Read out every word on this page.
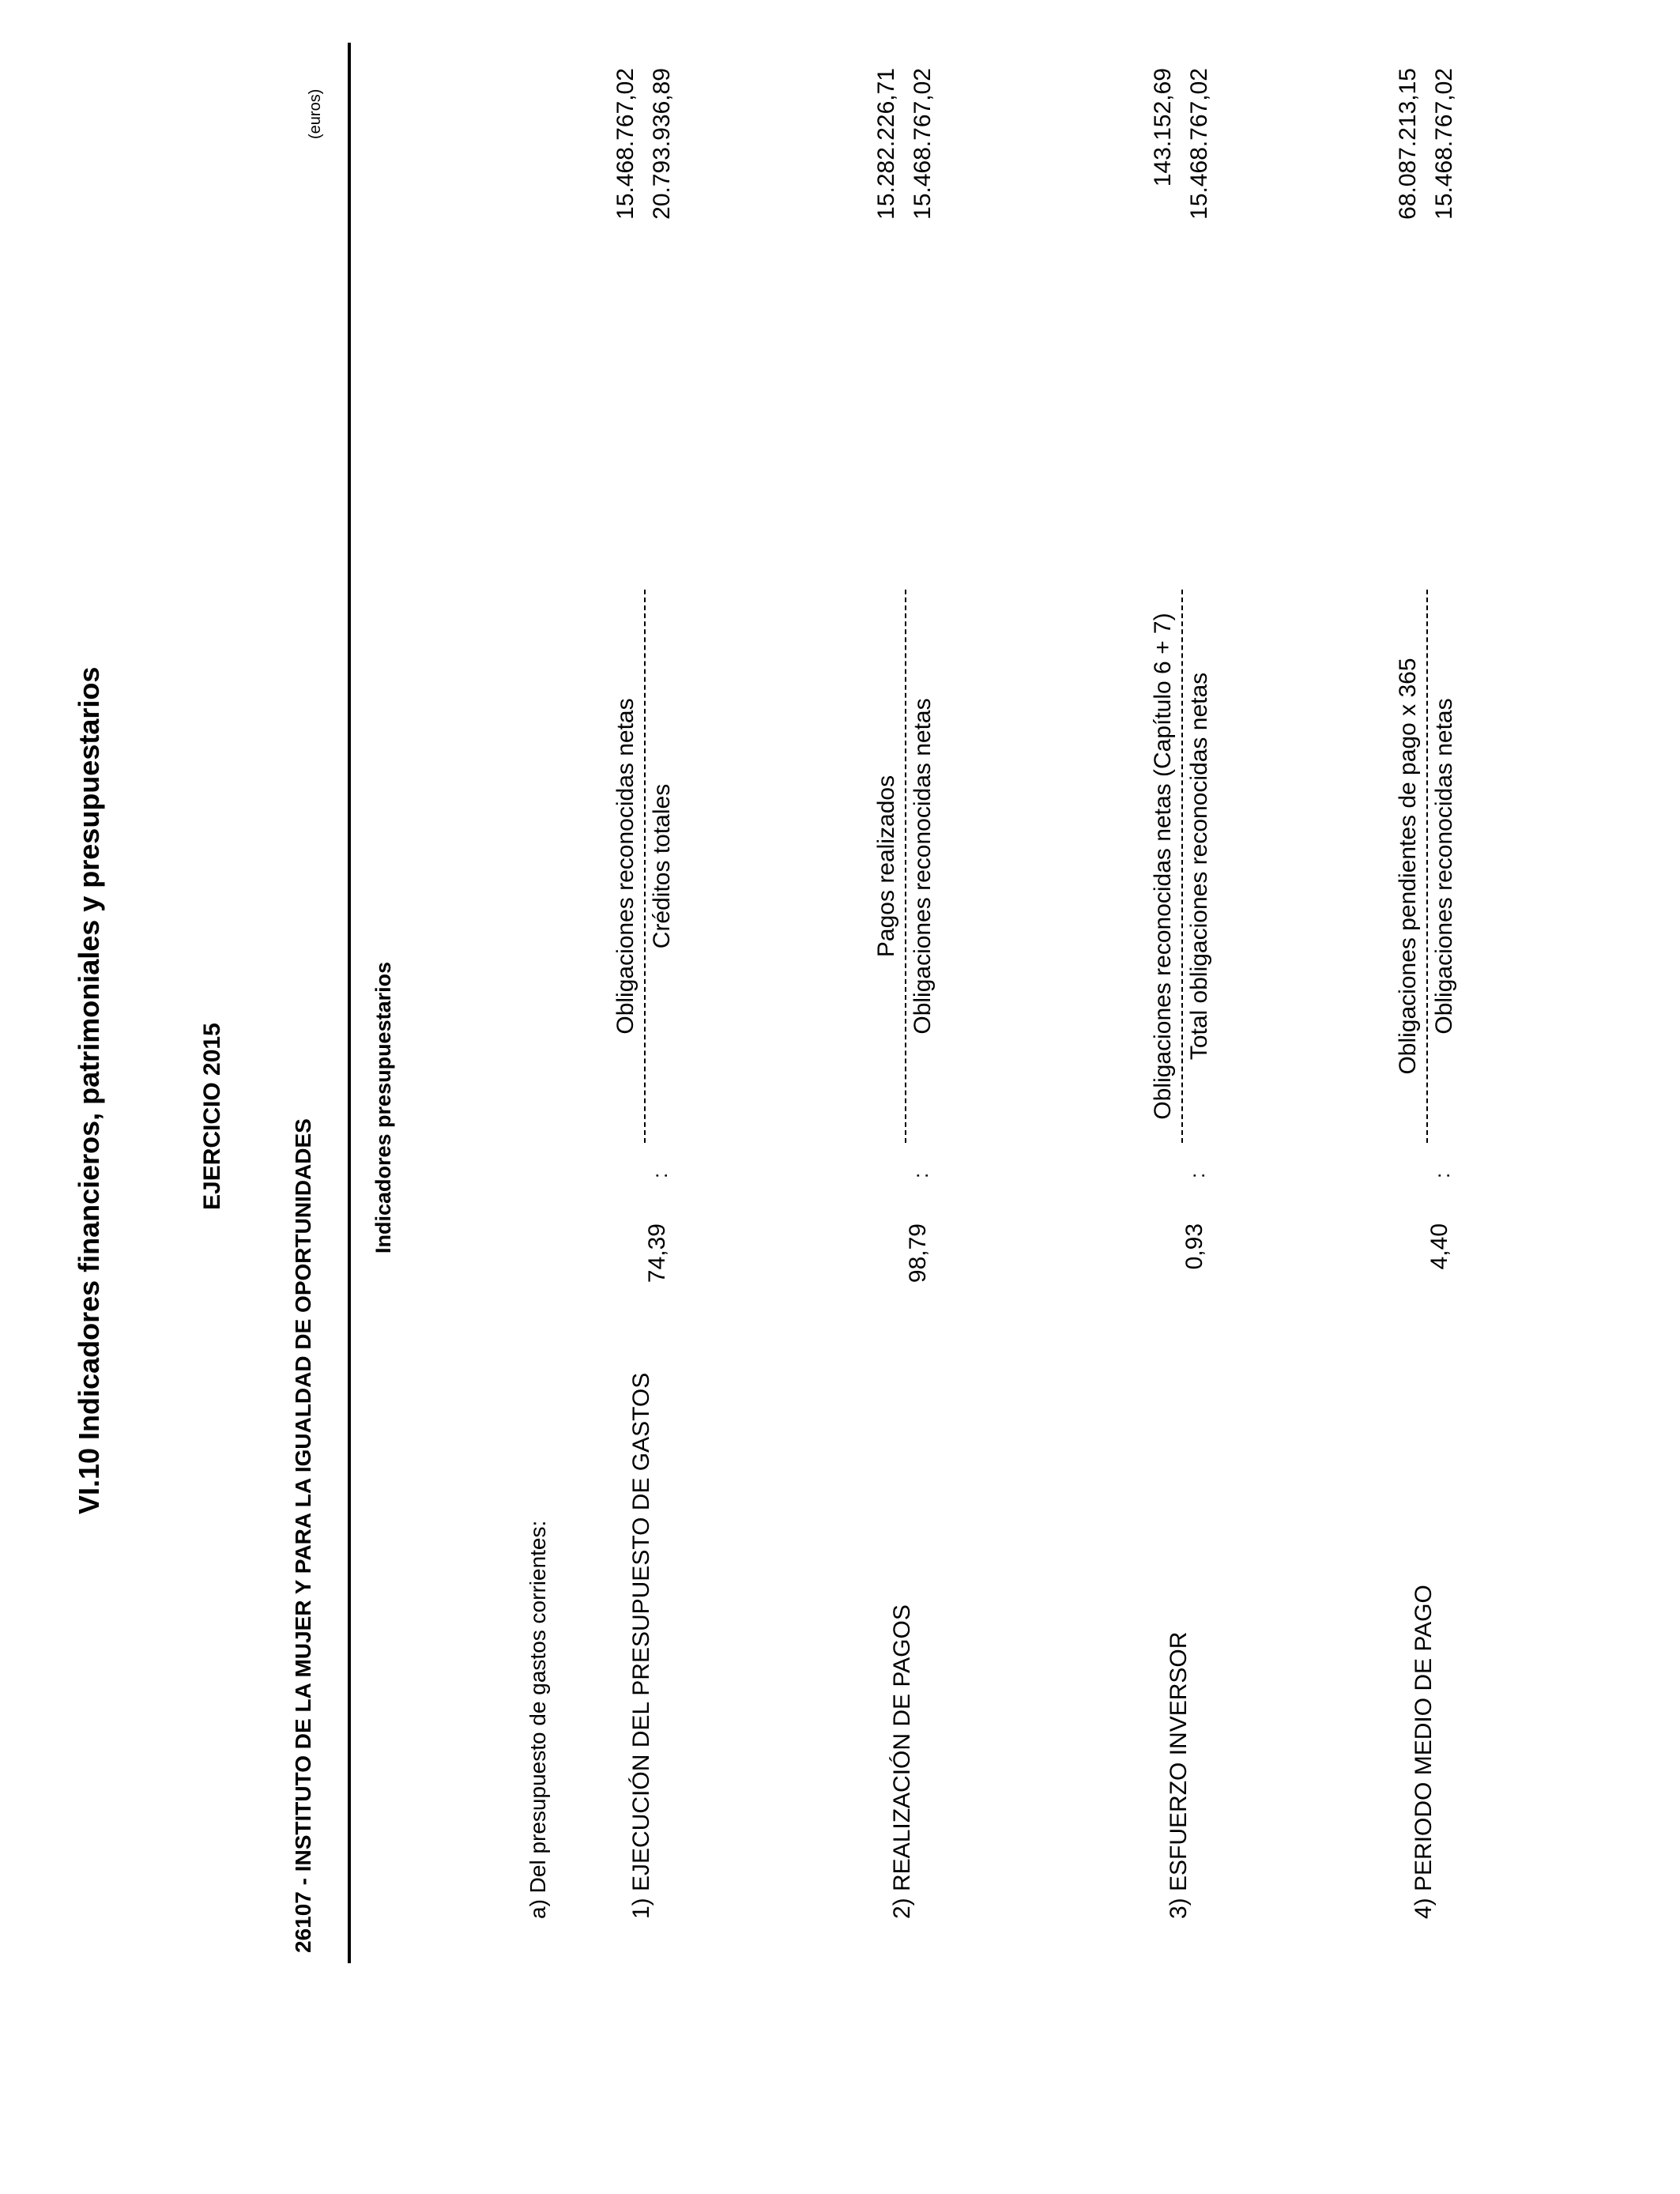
VI.10 Indicadores financieros, patrimoniales y presupuestarios	EJERCICIO 2015
26107 - INSTITUTO DE LA MUJER Y PARA LA IGUALDAD DE OPORTUNIDADES
(euros)
Indicadores presupuestarios
a) Del presupuesto de gastos corrientes:	1) EJECUCIÓN DEL PRESUPUESTO DE GASTOS
74,39
:
Obligaciones reconocidas netas Créditos totales
15.468.767,02 20.793.936,89
2) REALIZACIÓN DE PAGOS
98,79
:
Pagos realizados Obligaciones reconocidas netas
15.282.226,71 15.468.767,02
3) ESFUERZO INVERSOR
0,93
:
Obligaciones reconocidas netas (Capítulo 6 + 7) Total obligaciones reconocidas netas
143.152,69 15.468.767,02
4) PERIODO MEDIO DE PAGO
4,40
:
Obligaciones pendientes de pago x 365 Obligaciones reconocidas netas
68.087.213,15 15.468.767,02
